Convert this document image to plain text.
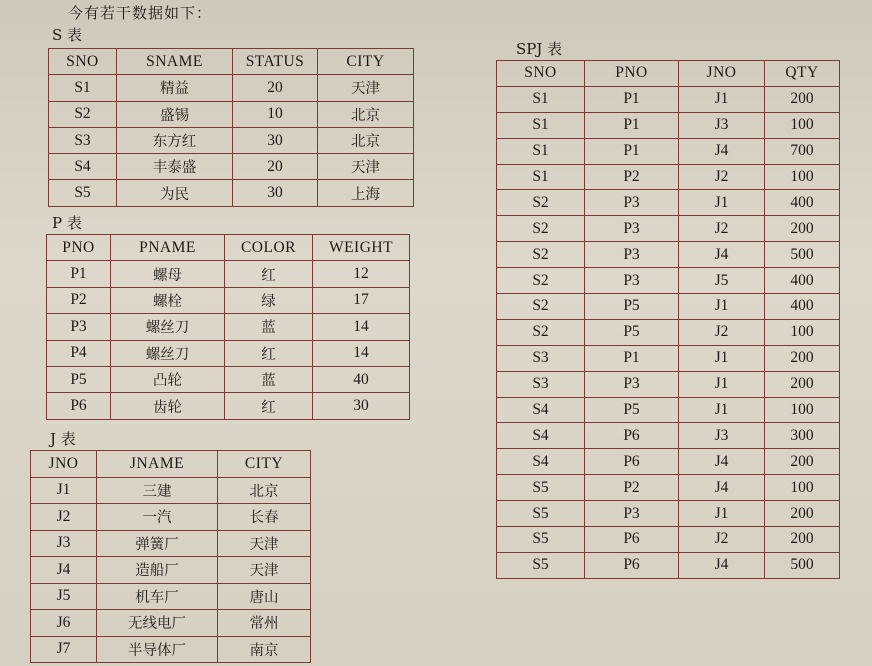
今有若干数据如下：
S 表
SNO	SNAME	STATUS	CITY
S1	精益	20	天津
S2	盛锡	10	北京
S3	东方红	30	北京
S4	丰泰盛	20	天津
S5	为民	30	上海
P 表
PNO	PNAME	COLOR	WEIGHT
P1	螺母	红	12
P2	螺栓	绿	17
P3	螺丝刀	蓝	14
P4	螺丝刀	红	14
P5	凸轮	蓝	40
P6	齿轮	红	30
J 表
JNO	JNAME	CITY
J1	三建	北京
J2	一汽	长春
J3	弹簧厂	天津
J4	造船厂	天津
J5	机车厂	唐山
J6	无线电厂	常州
J7	半导体厂	南京
SPJ 表
SNO	PNO	JNO	QTY
S1	P1	J1	200
S1	P1	J3	100
S1	P1	J4	700
S1	P2	J2	100
S2	P3	J1	400
S2	P3	J2	200
S2	P3	J4	500
S2	P3	J5	400
S2	P5	J1	400
S2	P5	J2	100
S3	P1	J1	200
S3	P3	J1	200
S4	P5	J1	100
S4	P6	J3	300
S4	P6	J4	200
S5	P2	J4	100
S5	P3	J1	200
S5	P6	J2	200
S5	P6	J4	500
